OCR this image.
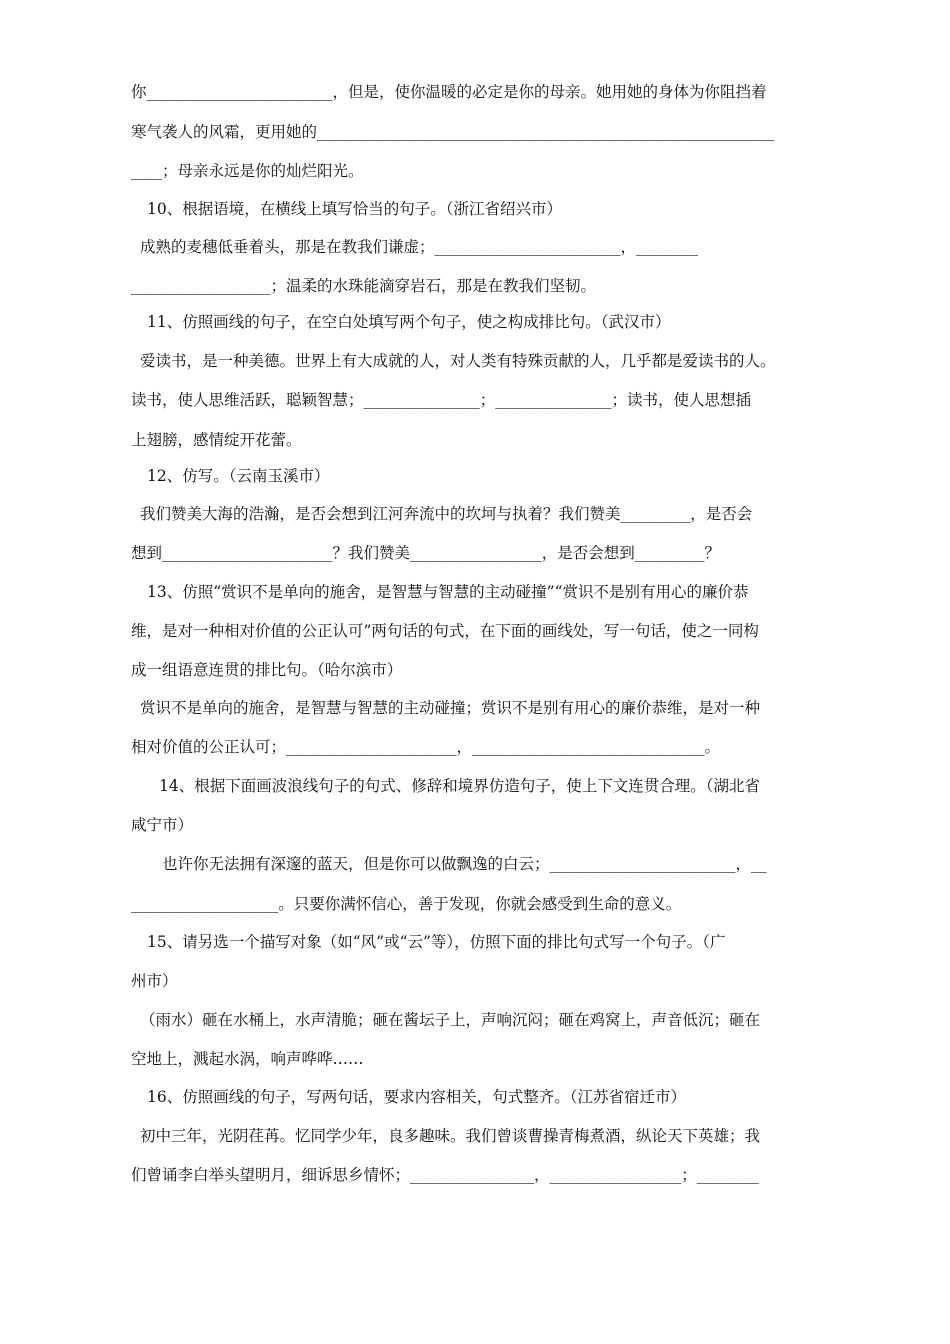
你________________________，但是，使你温暖的必定是你的母亲。她用她的身体为你阻挡着
寒气袭人的风霜，更用她的___________________________________________________________
____；母亲永远是你的灿烂阳光。
10、根据语境，在横线上填写恰当的句子。（浙江省绍兴市）
成熟的麦穗低垂着头，那是在教我们谦虚；________________________，________
__________________；温柔的水珠能滴穿岩石，那是在教我们坚韧。
11、仿照画线的句子，在空白处填写两个句子，使之构成排比句。（武汉市）
爱读书，是一种美德。世界上有大成就的人，对人类有特殊贡献的人，几乎都是爱读书的人。
读书，使人思维活跃，聪颖智慧；_______________；_______________；读书，使人思想插
上翅膀，感情绽开花蕾。
12、仿写。（云南玉溪市）
我们赞美大海的浩瀚，是否会想到江河奔流中的坎坷与执着？我们赞美_________，是否会
想到______________________？我们赞美_________________，是否会想到_________？
13、仿照“赏识不是单向的施舍，是智慧与智慧的主动碰撞”“赏识不是别有用心的廉价恭
维，是对一种相对价值的公正认可”两句话的句式，在下面的画线处，写一句话，使之一同构
成一组语意连贯的排比句。（哈尔滨市）
赏识不是单向的施舍，是智慧与智慧的主动碰撞；赏识不是别有用心的廉价恭维，是对一种
相对价值的公正认可；______________________，______________________________。
14、根据下面画波浪线句子的句式、修辞和境界仿造句子，使上下文连贯合理。（湖北省
咸宁市）
也许你无法拥有深邃的蓝天，但是你可以做飘逸的白云；________________________，__
___________________。只要你满怀信心，善于发现，你就会感受到生命的意义。
15、请另选一个描写对象（如“风”或“云”等），仿照下面的排比句式写一个句子。（广
州市）
（雨水）砸在水桶上，水声清脆；砸在酱坛子上，声响沉闷；砸在鸡窝上，声音低沉；砸在
空地上，溅起水涡，响声哗哗……
16、仿照画线的句子，写两句话，要求内容相关，句式整齐。（江苏省宿迁市）
初中三年，光阴荏苒。忆同学少年，良多趣味。我们曾谈曹操青梅煮酒，纵论天下英雄；我
们曾诵李白举头望明月，细诉思乡情怀；________________，_________________；________
